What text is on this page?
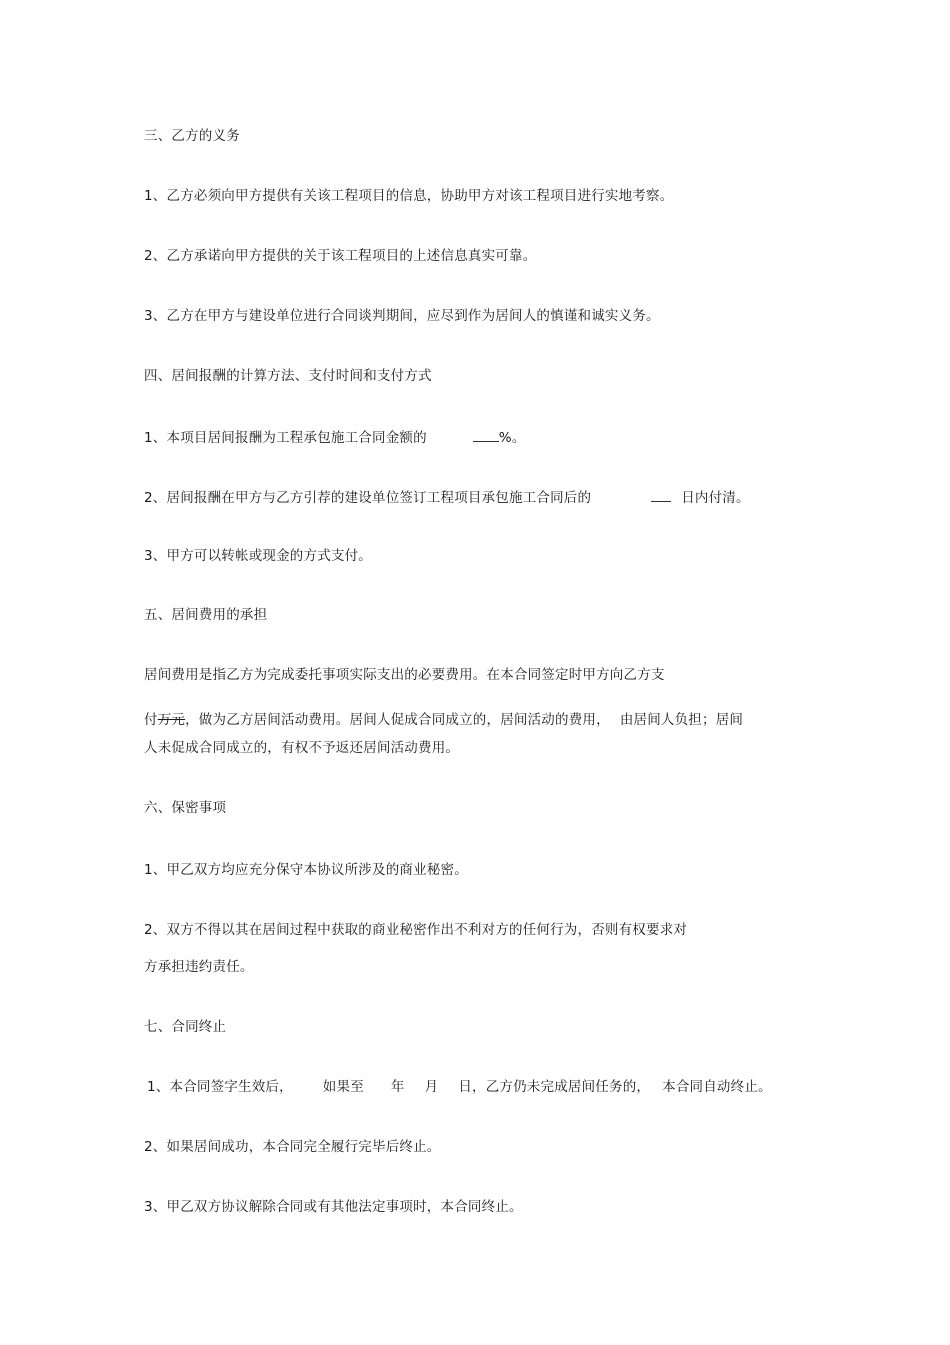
三、乙方的义务
1、乙方必须向甲方提供有关该工程项目的信息，协助甲方对该工程项目进行实地考察。
2、乙方承诺向甲方提供的关于该工程项目的上述信息真实可靠。
3、乙方在甲方与建设单位进行合同谈判期间，应尽到作为居间人的慎谨和诚实义务。
四、居间报酬的计算方法、支付时间和支付方式
1、本项目居间报酬为工程承包施工合同金额的	%。
2、居间报酬在甲方与乙方引荐的建设单位签订工程项目承包施工合同后的	日内付清。
3、甲方可以转帐或现金的方式支付。
五、居间费用的承担
居间费用是指乙方为完成委托事项实际支出的必要费用。在本合同签定时甲方向乙方支
付万元，做为乙方居间活动费用。居间人促成合同成立的，居间活动的费用， 由居间人负担；居间
人未促成合同成立的，有权不予返还居间活动费用。
六、保密事项
1、甲乙双方均应充分保守本协议所涉及的商业秘密。
2、双方不得以其在居间过程中获取的商业秘密作出不利对方的任何行为，否则有权要求对
方承担违约责任。
七、合同终止
1、本合同签字生效后， 如果至 年 月 日，乙方仍未完成居间任务的， 本合同自动终止。
2、如果居间成功，本合同完全履行完毕后终止。
3、甲乙双方协议解除合同或有其他法定事项时，本合同终止。
